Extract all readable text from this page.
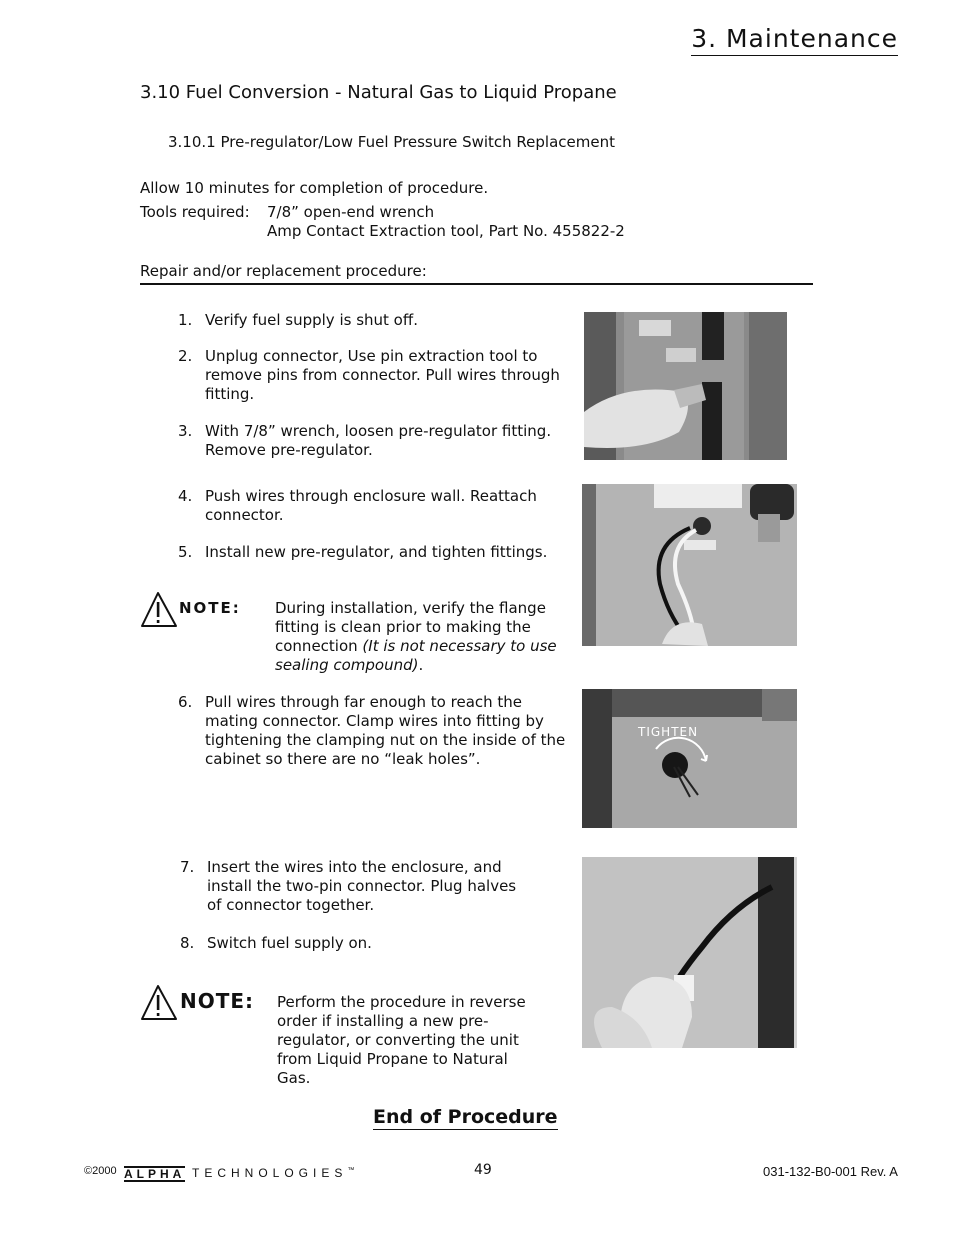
3. Maintenance
3.10 Fuel Conversion - Natural Gas to Liquid Propane
3.10.1 Pre-regulator/Low Fuel Pressure Switch Replacement
Allow 10 minutes for completion of procedure.
Tools required: 7/8” open-end wrench
Amp Contact Extraction tool, Part No. 455822-2
Repair and/or replacement procedure:
1. Verify fuel supply is shut off.
2. Unplug connector, Use pin extraction tool to remove pins from connector. Pull wires through fitting.
3. With 7/8” wrench, loosen pre-regulator fitting. Remove pre-regulator.
4. Push wires through enclosure wall. Reattach connector.
5. Install new pre-regulator, and tighten fittings.
NOTE: During installation, verify the flange fitting is clean prior to making the connection (It is not necessary to use sealing compound).
6. Pull wires through far enough to reach the mating connector. Clamp wires into fitting by tightening the clamping nut on the inside of the cabinet so there are no “leak holes”.
7. Insert the wires into the enclosure, and install the two-pin connector. Plug halves of connector together.
8. Switch fuel supply on.
NOTE: Perform the procedure in reverse order if installing a new pre-regulator, or converting the unit from Liquid Propane to Natural Gas.
TIGHTEN
End of Procedure
©2000 ALPHA TECHNOLOGIES™	49	031-132-B0-001 Rev. A
